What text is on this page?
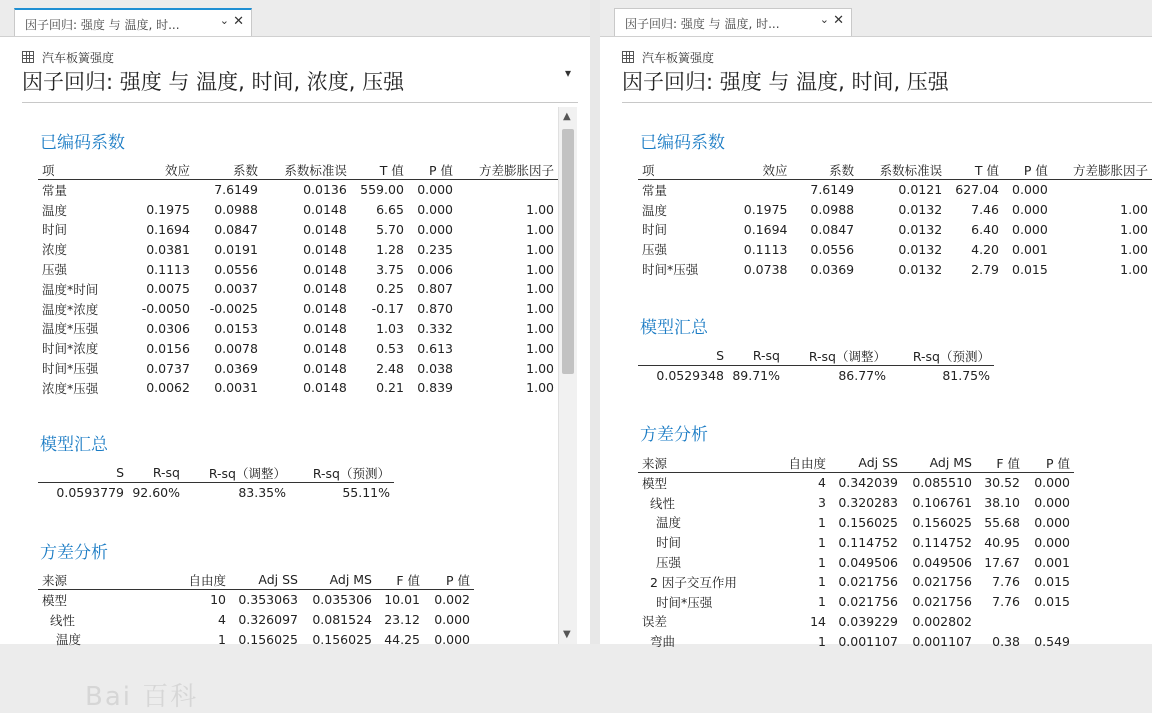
因子回归: 强度 与 温度, 时...	⌄ ✕
汽车板簧强度
因子回归: 强度 与 温度, 时间, 浓度, 压强	▾
已编码系数
项	效应	系数	系数标准误	T 值	P 值	方差膨胀因子
常量		7.6149	0.0136	559.00	0.000	
温度	0.1975	0.0988	0.0148	6.65	0.000	1.00
时间	0.1694	0.0847	0.0148	5.70	0.000	1.00
浓度	0.0381	0.0191	0.0148	1.28	0.235	1.00
压强	0.1113	0.0556	0.0148	3.75	0.006	1.00
温度*时间	0.0075	0.0037	0.0148	0.25	0.807	1.00
温度*浓度	-0.0050	-0.0025	0.0148	-0.17	0.870	1.00
温度*压强	0.0306	0.0153	0.0148	1.03	0.332	1.00
时间*浓度	0.0156	0.0078	0.0148	0.53	0.613	1.00
时间*压强	0.0737	0.0369	0.0148	2.48	0.038	1.00
浓度*压强	0.0062	0.0031	0.0148	0.21	0.839	1.00
模型汇总
S	R-sq	R-sq（调整）	R-sq（预测）
0.0593779	92.60%	83.35%	55.11%
方差分析
来源	自由度	Adj SS	Adj MS	F 值	P 值
模型	10	0.353063	0.035306	10.01	0.002
线性	4	0.326097	0.081524	23.12	0.000
温度	1	0.156025	0.156025	44.25	0.000
Bai 百科
▲
▼
因子回归: 强度 与 温度, 时...	⌄ ✕
汽车板簧强度
因子回归: 强度 与 温度, 时间, 压强
已编码系数
项	效应	系数	系数标准误	T 值	P 值	方差膨胀因子
常量		7.6149	0.0121	627.04	0.000	
温度	0.1975	0.0988	0.0132	7.46	0.000	1.00
时间	0.1694	0.0847	0.0132	6.40	0.000	1.00
压强	0.1113	0.0556	0.0132	4.20	0.001	1.00
时间*压强	0.0738	0.0369	0.0132	2.79	0.015	1.00
模型汇总
S	R-sq	R-sq（调整）	R-sq（预测）
0.0529348	89.71%	86.77%	81.75%
方差分析
来源	自由度	Adj SS	Adj MS	F 值	P 值
模型	4	0.342039	0.085510	30.52	0.000
线性	3	0.320283	0.106761	38.10	0.000
温度	1	0.156025	0.156025	55.68	0.000
时间	1	0.114752	0.114752	40.95	0.000
压强	1	0.049506	0.049506	17.67	0.001
2 因子交互作用	1	0.021756	0.021756	7.76	0.015
时间*压强	1	0.021756	0.021756	7.76	0.015
误差	14	0.039229	0.002802		
弯曲	1	0.001107	0.001107	0.38	0.549
